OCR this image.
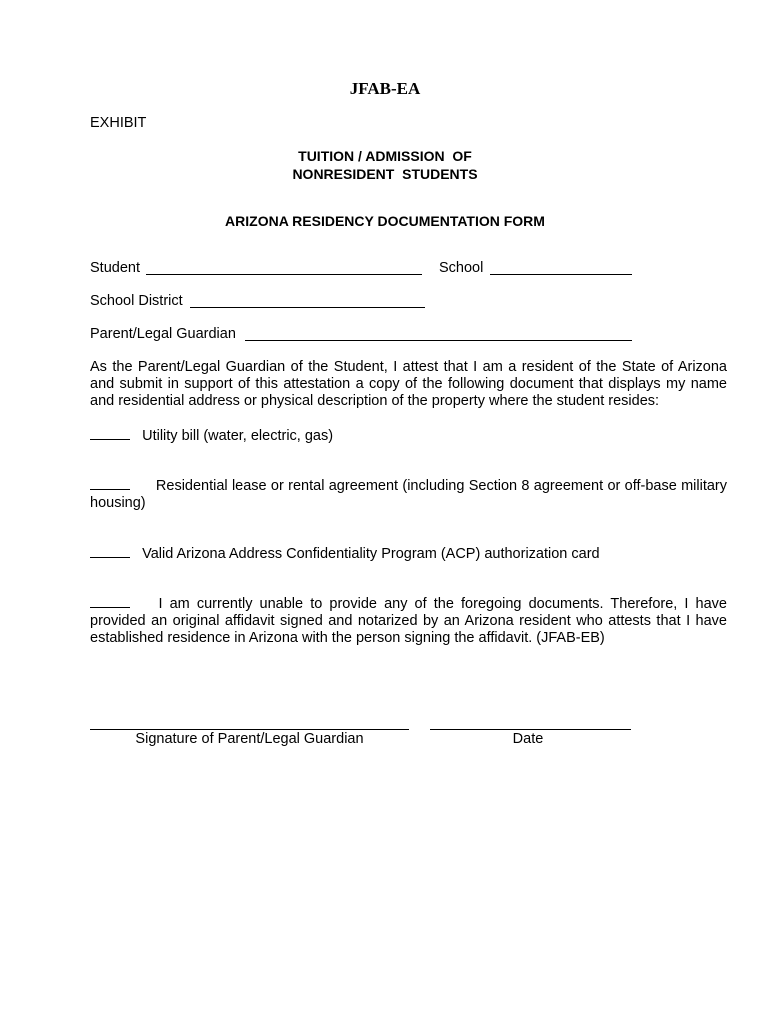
JFAB-EA
EXHIBIT
TUITION / ADMISSION  OF
NONRESIDENT  STUDENTS
ARIZONA RESIDENCY DOCUMENTATION FORM
Student	School
School District
Parent/Legal Guardian
As the Parent/Legal Guardian of the Student, I attest that I am a resident of the State of Arizona and submit in support of this attestation a copy of the following document that displays my name and residential address or physical description of the property where the student resides:
Utility bill (water, electric, gas)
Residential lease or rental agreement (including Section 8 agreement or off-base military housing)
Valid Arizona Address Confidentiality Program (ACP) authorization card
I am currently unable to provide any of the foregoing documents. Therefore, I have provided an original affidavit signed and notarized by an Arizona resident who attests that I have established residence in Arizona with the person signing the affidavit. (JFAB-EB)
Signature of Parent/Legal Guardian	Date
